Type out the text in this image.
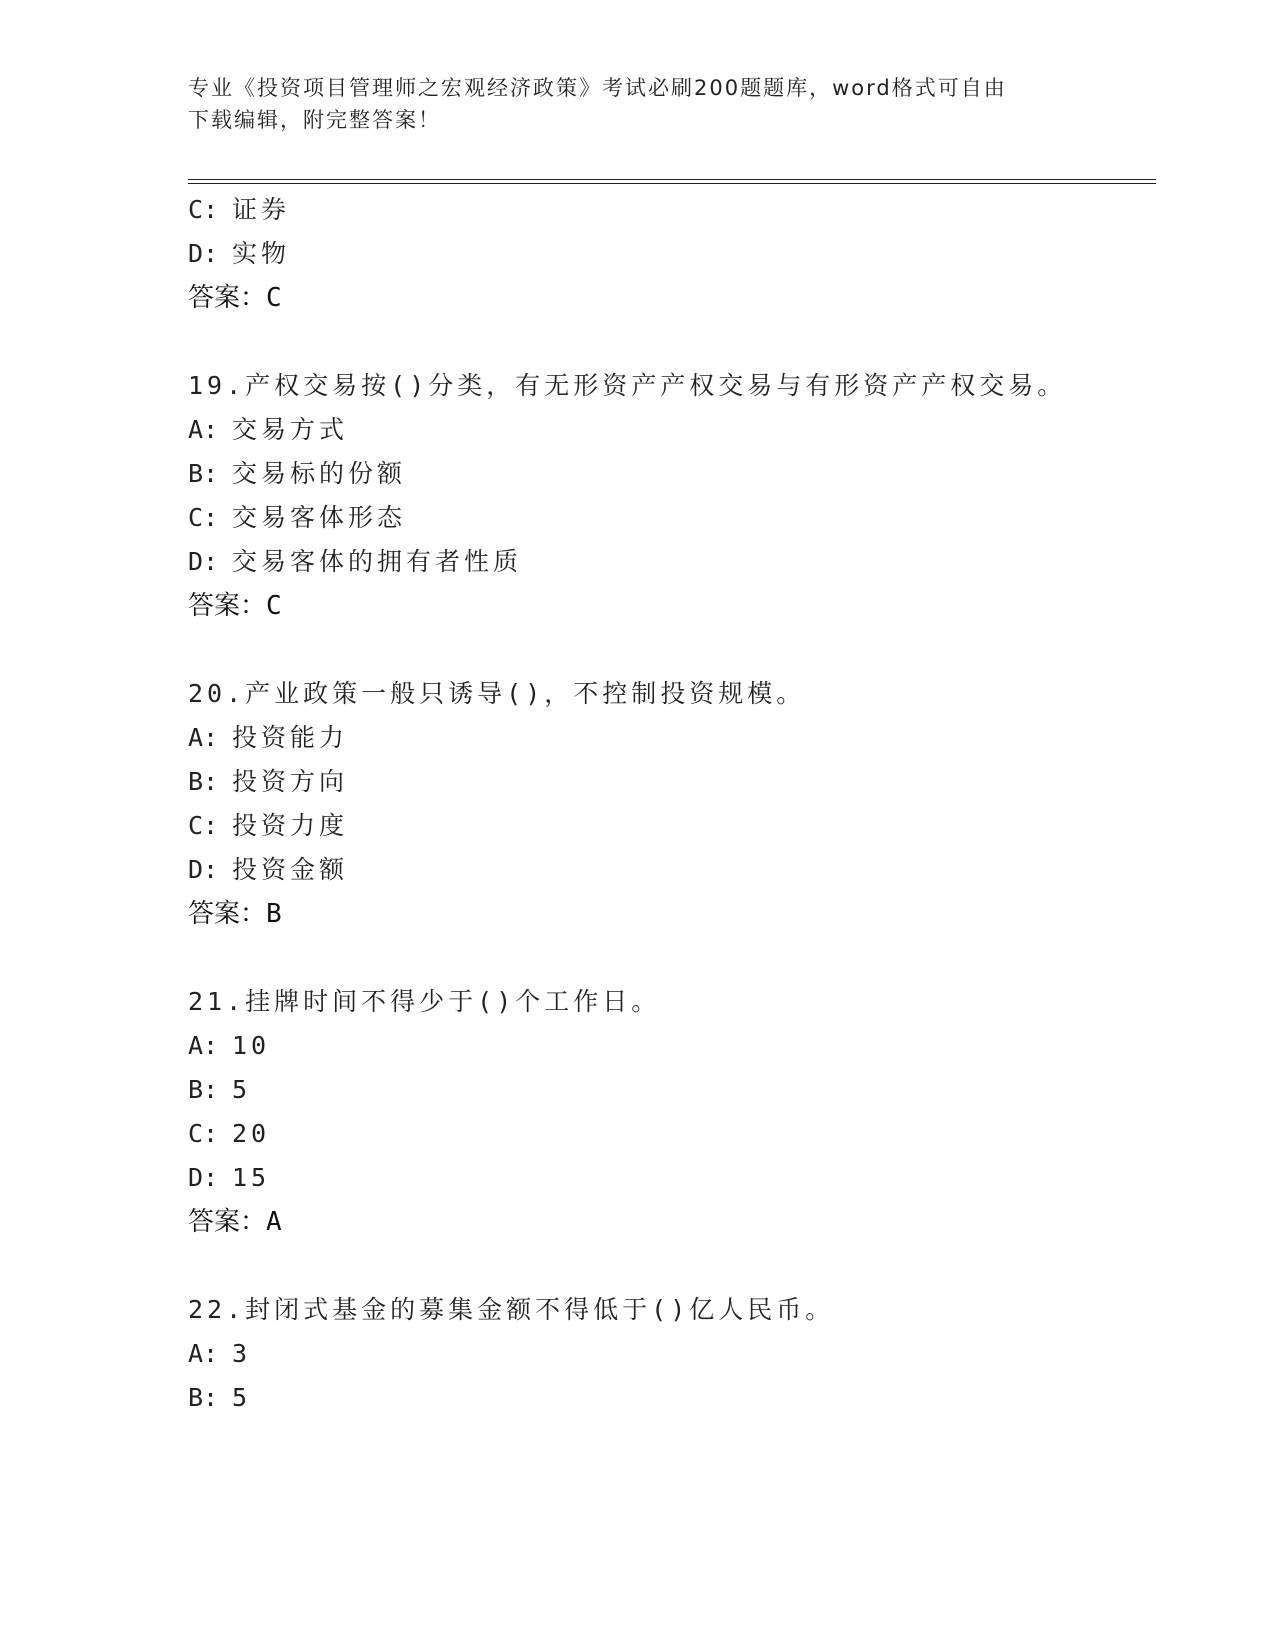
专业《投资项目管理师之宏观经济政策》考试必刷200题题库，word格式可自由
下载编辑，附完整答案！
C: 证券
D: 实物
答案：C
19.产权交易按()分类，有无形资产产权交易与有形资产产权交易。
A: 交易方式
B: 交易标的份额
C: 交易客体形态
D: 交易客体的拥有者性质
答案：C
20.产业政策一般只诱导()，不控制投资规模。
A: 投资能力
B: 投资方向
C: 投资力度
D: 投资金额
答案：B
21.挂牌时间不得少于()个工作日。
A: 10
B: 5
C: 20
D: 15
答案：A
22.封闭式基金的募集金额不得低于()亿人民币。
A: 3
B: 5
